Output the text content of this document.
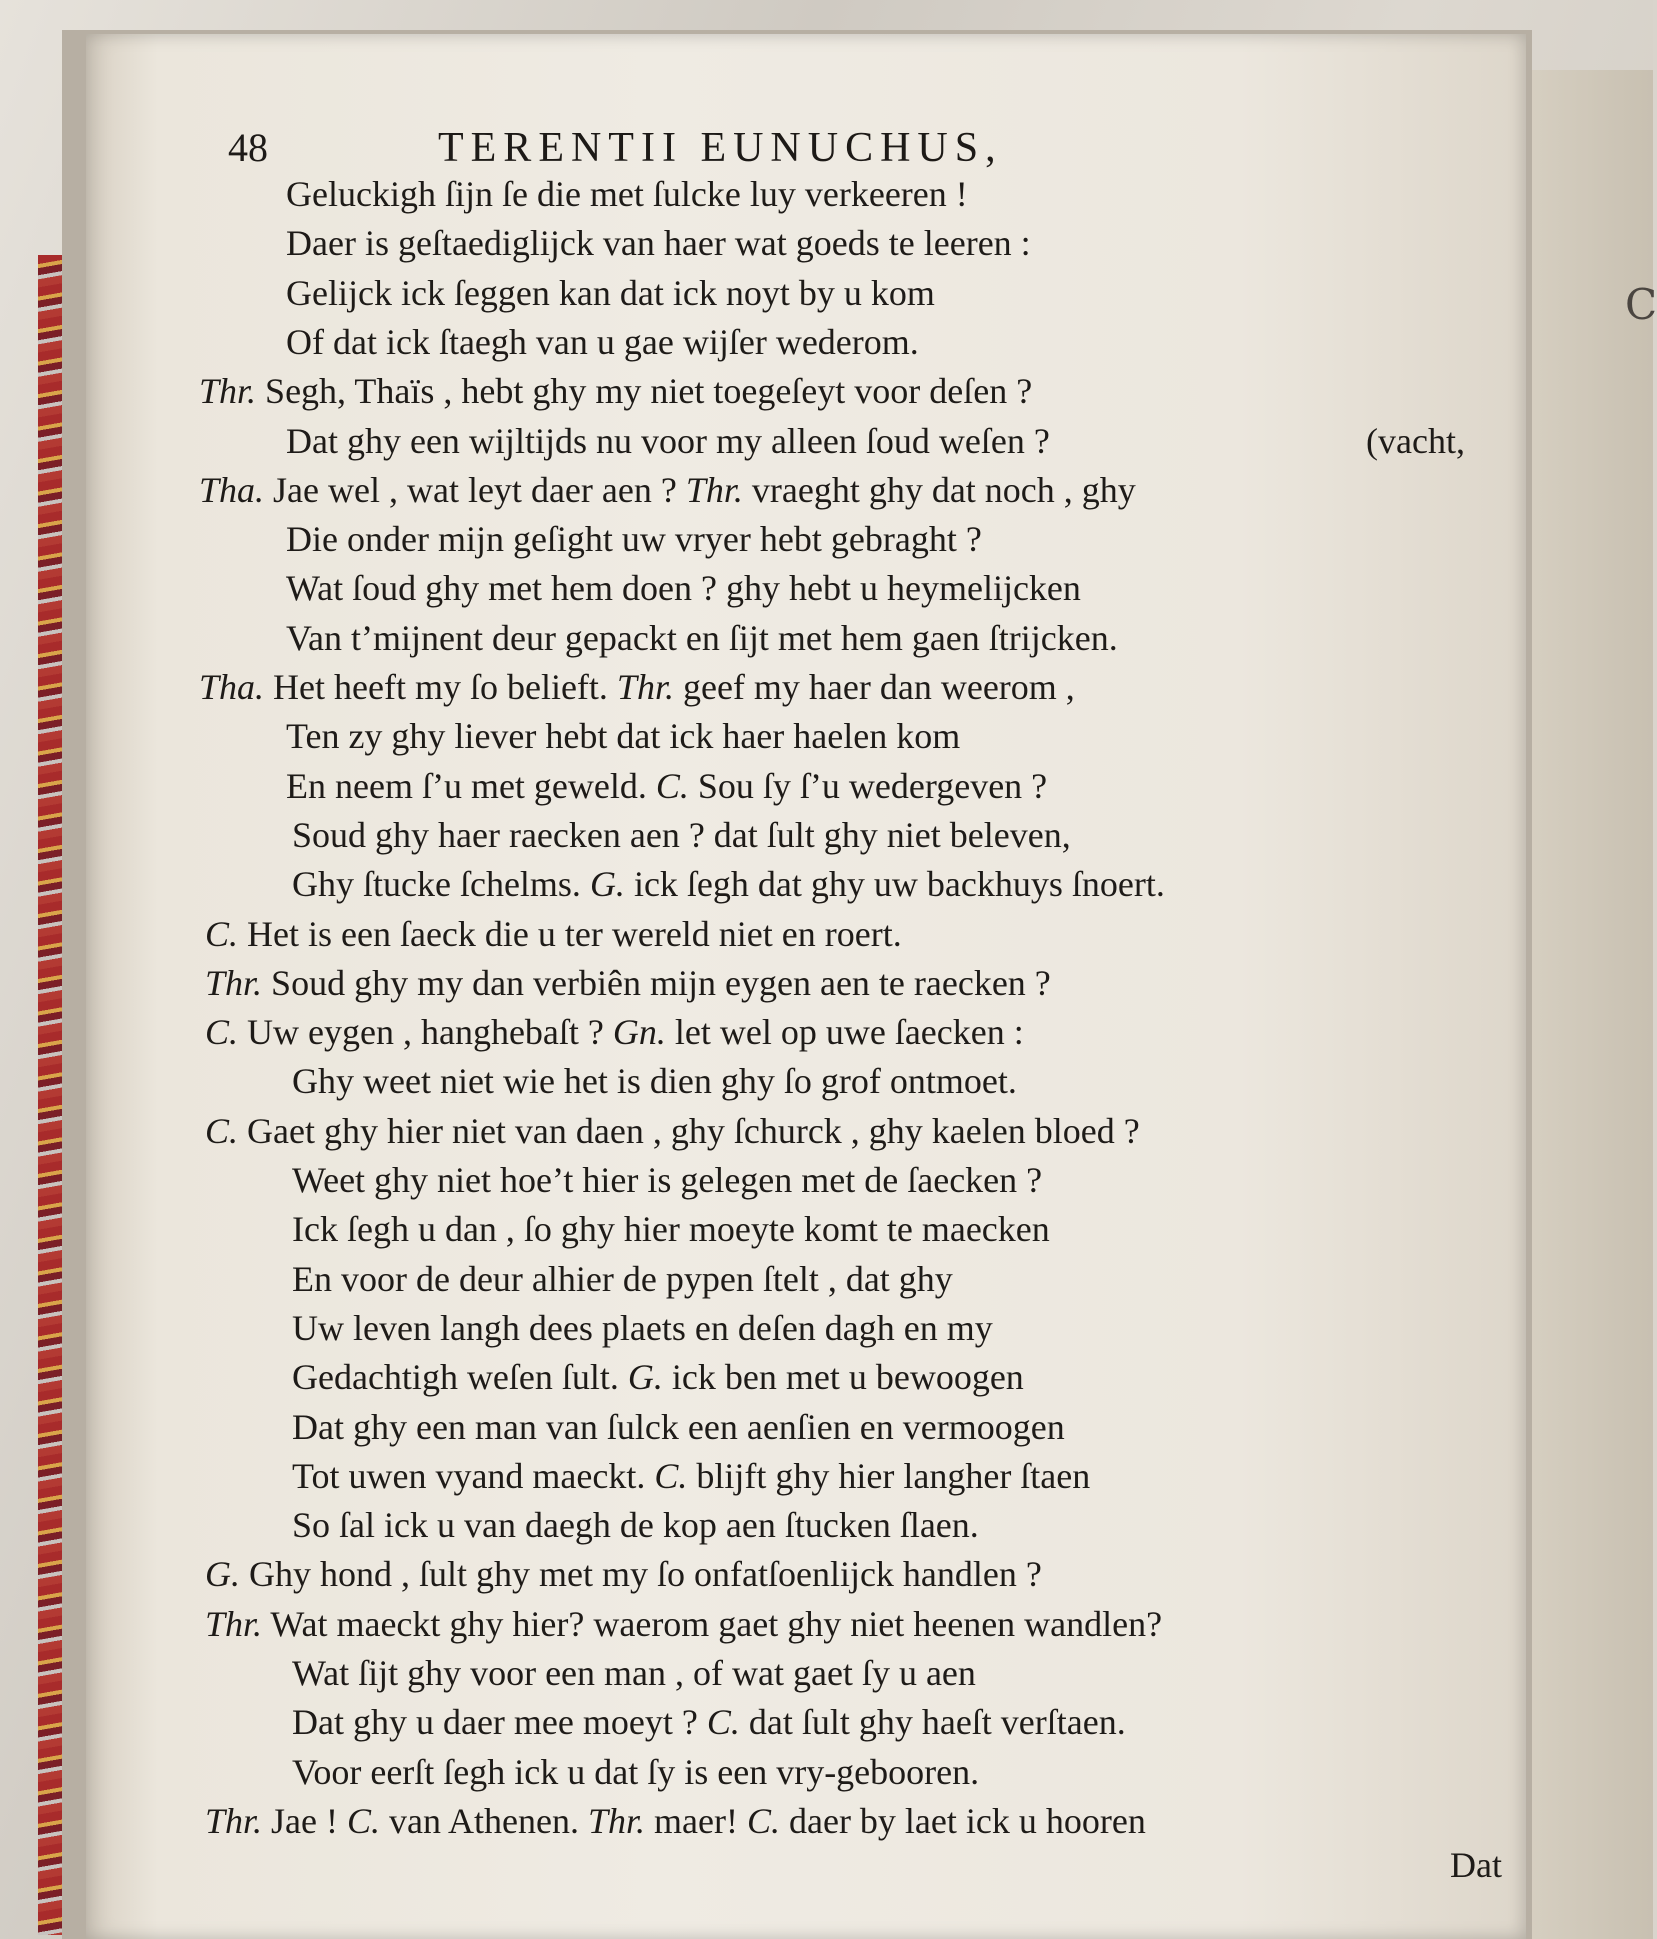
C
48	TERENTII EUNUCHUS,
Geluckigh ſijn ſe die met ſulcke luy verkeeren !
Daer is geſtaediglijck van haer wat goeds te leeren :
Gelijck ick ſeggen kan dat ick noyt by u kom
Of dat ick ſtaegh van u gae wijſer wederom.
Thr. Segh, Thaïs , hebt ghy my niet toegeſeyt voor deſen ?
Dat ghy een wijltijds nu voor my alleen ſoud weſen ?
Tha. Jae wel , wat leyt daer aen ? Thr. vraeght ghy dat noch , ghy
Die onder mijn geſight uw vryer hebt gebraght ?
Wat ſoud ghy met hem doen ? ghy hebt u heymelijcken
Van t’mijnent deur gepackt en ſijt met hem gaen ſtrijcken.
Tha. Het heeft my ſo belieft. Thr. geef my haer dan weerom ,
Ten zy ghy liever hebt dat ick haer haelen kom
En neem ſ’u met geweld. C. Sou ſy ſ’u wedergeven ?
Soud ghy haer raecken aen ? dat ſult ghy niet beleven,
Ghy ſtucke ſchelms. G. ick ſegh dat ghy uw backhuys ſnoert.
C. Het is een ſaeck die u ter wereld niet en roert.
Thr. Soud ghy my dan verbiên mijn eygen aen te raecken ?
C. Uw eygen , hanghebaſt ? Gn. let wel op uwe ſaecken :
Ghy weet niet wie het is dien ghy ſo grof ontmoet.
C. Gaet ghy hier niet van daen , ghy ſchurck , ghy kaelen bloed ?
Weet ghy niet hoe’t hier is gelegen met de ſaecken ?
Ick ſegh u dan , ſo ghy hier moeyte komt te maecken
En voor de deur alhier de pypen ſtelt , dat ghy
Uw leven langh dees plaets en deſen dagh en my
Gedachtigh weſen ſult. G. ick ben met u bewoogen
Dat ghy een man van ſulck een aenſien en vermoogen
Tot uwen vyand maeckt. C. blijft ghy hier langher ſtaen
So ſal ick u van daegh de kop aen ſtucken ſlaen.
G. Ghy hond , ſult ghy met my ſo onfatſoenlijck handlen ?
Thr. Wat maeckt ghy hier? waerom gaet ghy niet heenen wandlen?
Wat ſijt ghy voor een man , of wat gaet ſy u aen
Dat ghy u daer mee moeyt ? C. dat ſult ghy haeſt verſtaen.
Voor eerſt ſegh ick u dat ſy is een vry-gebooren.
Thr. Jae ! C. van Athenen. Thr. maer! C. daer by laet ick u hooren
(vacht,
Dat
